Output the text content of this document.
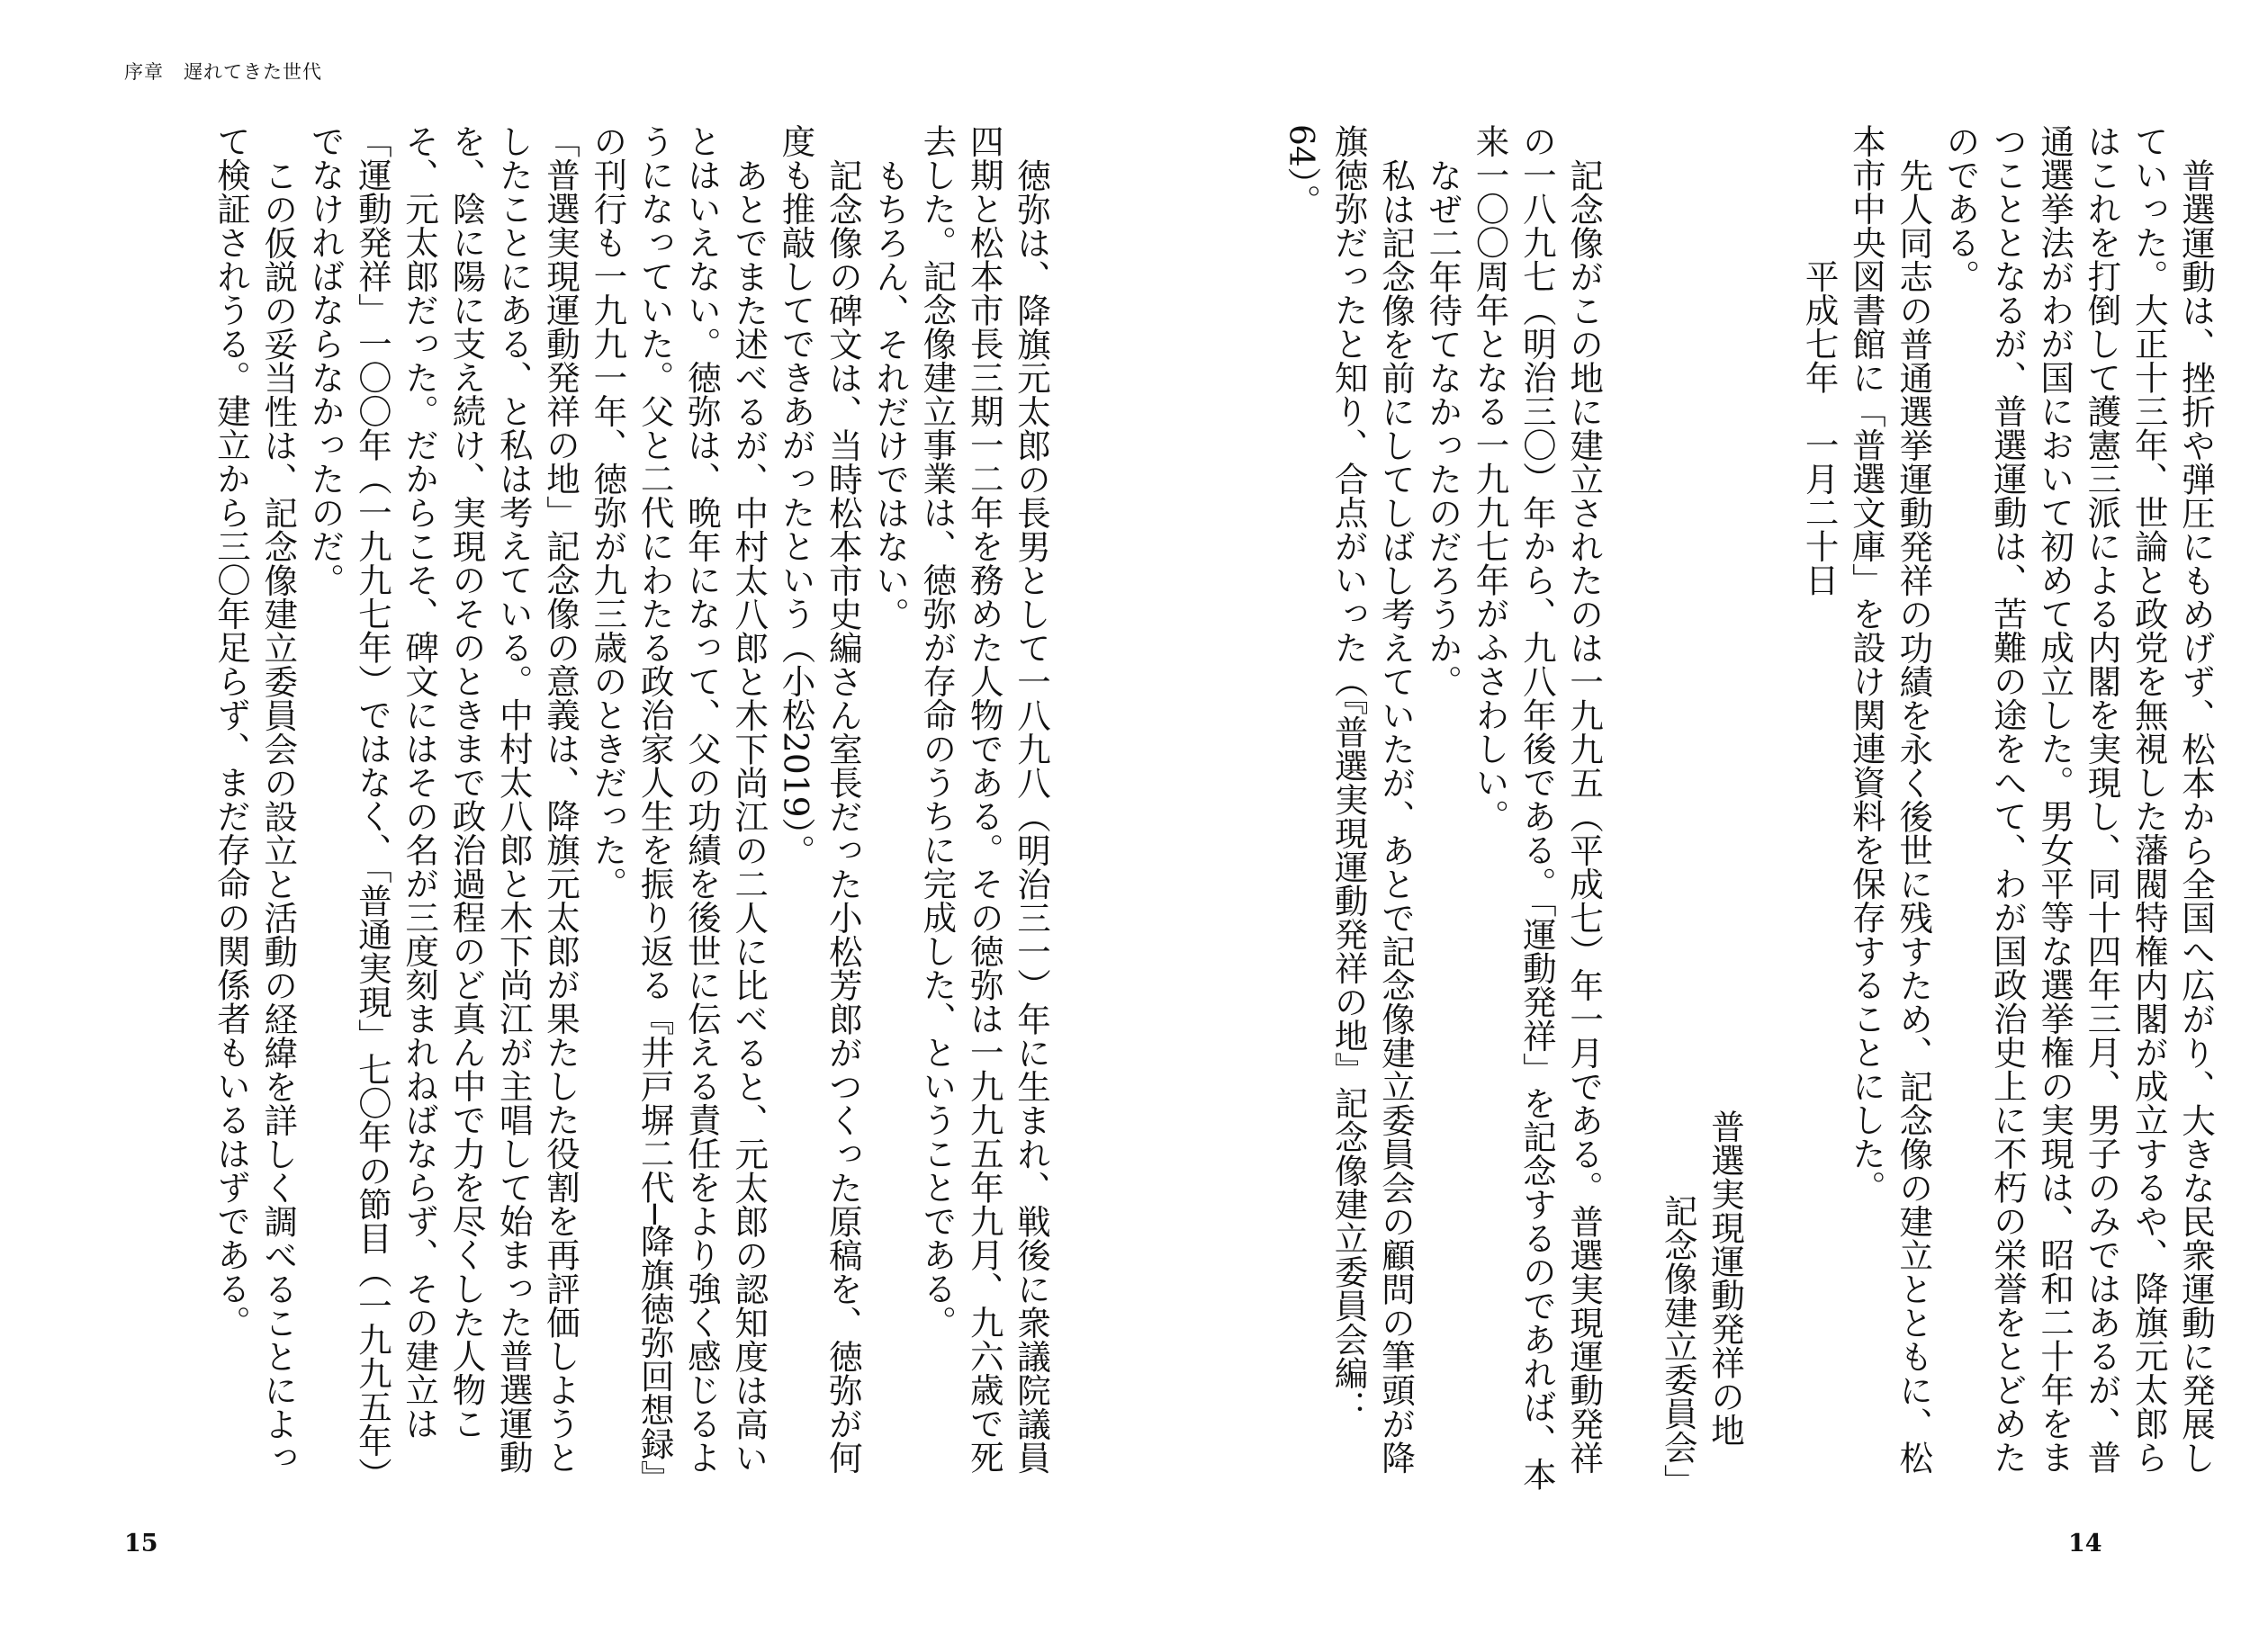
序章　遅れてきた世代

徳弥は、降旗元太郎の長男として一八九八（明治三一）年に生まれ、戦後に衆議院議員四期と松本市長三期一二年を務めた人物である。その徳弥は一九九五年九月、九六歳で死去した。記念像建立事業は、徳弥が存命のうちに完成した、ということである。

もちろん、それだけではない。

記念像の碑文は、当時松本市史編さん室長だった小松芳郎がつくった原稿を、徳弥が何度も推敲してできあがったという（小松2019）。

あとでまた述べるが、中村太八郎と木下尚江の二人に比べると、元太郎の認知度は高いとはいえない。徳弥は、晩年になって、父の功績を後世に伝える責任をより強く感じるようになっていた。父と二代にわたる政治家人生を振り返る『井戸塀二代─降旗徳弥回想録』の刊行も一九九一年、徳弥が九三歳のときだった。

「普選実現運動発祥の地」記念像の意義は、降旗元太郎が果たした役割を再評価しようとしたことにある、と私は考えている。中村太八郎と木下尚江が主唱して始まった普選運動を、陰に陽に支え続け、実現のそのときまで政治過程のど真ん中で力を尽くした人物こそ、元太郎だった。だからこそ、碑文にはその名が三度刻まれねばならず、その建立は「運動発祥」一〇〇年（一九九七年）ではなく、「普通実現」七〇年の節目（一九九五年）でなければならなかったのだ。

この仮説の妥当性は、記念像建立委員会の設立と活動の経緯を詳しく調べることによって検証されうる。建立から三〇年足らず、まだ存命の関係者もいるはずである。

15

普選運動は、挫折や弾圧にもめげず、松本から全国へ広がり、大きな民衆運動に発展していった。大正十三年、世論と政党を無視した藩閥特権内閣が成立するや、降旗元太郎らはこれを打倒して護憲三派による内閣を実現し、同十四年三月、男子のみではあるが、普通選挙法がわが国において初めて成立した。男女平等な選挙権の実現は、昭和二十年をまつこととなるが、普選運動は、苦難の途をへて、わが国政治史上に不朽の栄誉をとどめたのである。

先人同志の普通選挙運動発祥の功績を永く後世に残すため、記念像の建立とともに、松本市中央図書館に「普選文庫」を設け関連資料を保存することにした。

平成七年　一月二十日

普選実現運動発祥の地

記念像建立委員会」

記念像がこの地に建立されたのは一九九五（平成七）年一月である。普選実現運動発祥の一八九七（明治三〇）年から、九八年後である。「運動発祥」を記念するのであれば、本来一〇〇周年となる一九九七年がふさわしい。

なぜ二年待てなかったのだろうか。

私は記念像を前にしてしばし考えていたが、あとで記念像建立委員会の顧問の筆頭が降旗徳弥だったと知り、合点がいった（『普選実現運動発祥の地』記念像建立委員会編：64）。

14
